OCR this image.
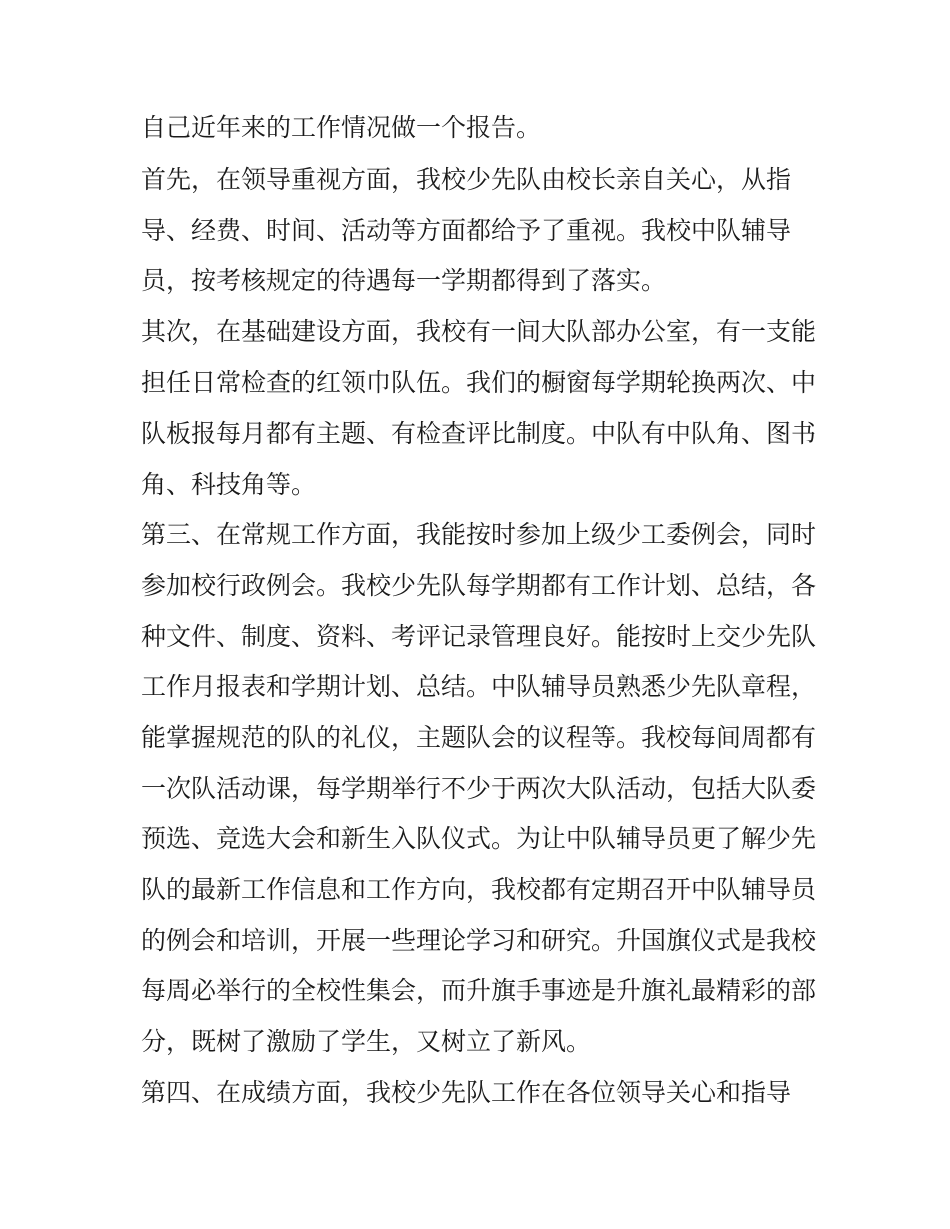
自己近年来的工作情况做一个报告。
首先，在领导重视方面，我校少先队由校长亲自关心，从指
导、经费、时间、活动等方面都给予了重视。我校中队辅导
员，按考核规定的待遇每一学期都得到了落实。
其次，在基础建设方面，我校有一间大队部办公室，有一支能
担任日常检查的红领巾队伍。我们的橱窗每学期轮换两次、中
队板报每月都有主题、有检查评比制度。中队有中队角、图书
角、科技角等。
第三、在常规工作方面，我能按时参加上级少工委例会，同时
参加校行政例会。我校少先队每学期都有工作计划、总结，各
种文件、制度、资料、考评记录管理良好。能按时上交少先队
工作月报表和学期计划、总结。中队辅导员熟悉少先队章程，
能掌握规范的队的礼仪，主题队会的议程等。我校每间周都有
一次队活动课，每学期举行不少于两次大队活动，包括大队委
预选、竞选大会和新生入队仪式。为让中队辅导员更了解少先
队的最新工作信息和工作方向，我校都有定期召开中队辅导员
的例会和培训，开展一些理论学习和研究。升国旗仪式是我校
每周必举行的全校性集会，而升旗手事迹是升旗礼最精彩的部
分，既树了激励了学生，又树立了新风。
第四、在成绩方面，我校少先队工作在各位领导关心和指导
